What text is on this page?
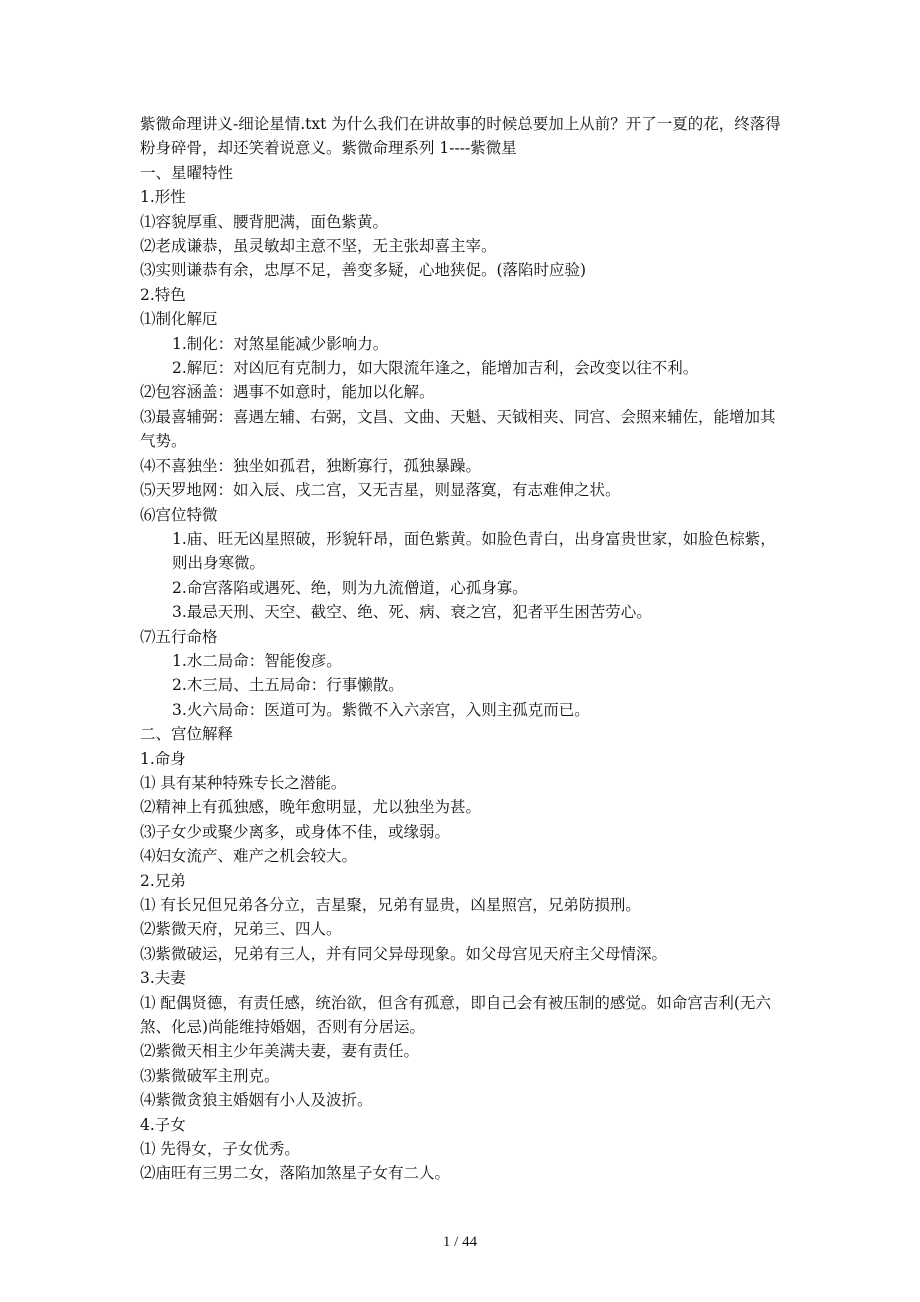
紫微命理讲义-细论星情.txt 为什么我们在讲故事的时候总要加上从前？开了一夏的花，终落得粉身碎骨，却还笑着说意义。紫微命理系列 1----紫微星
一、星曜特性
1.形性
⑴容貌厚重、腰背肥满，面色紫黄。
⑵老成谦恭，虽灵敏却主意不坚，无主张却喜主宰。
⑶实则谦恭有余，忠厚不足，善变多疑，心地狭促。(落陷时应验)
2.特色
⑴制化解厄
1.制化：对煞星能减少影响力。
2.解厄：对凶厄有克制力，如大限流年逢之，能增加吉利，会改变以往不利。
⑵包容涵盖：遇事不如意时，能加以化解。
⑶最喜辅弼：喜遇左辅、右弼，文昌、文曲、天魁、天钺相夹、同宫、会照来辅佐，能增加其气势。
⑷不喜独坐：独坐如孤君，独断寡行，孤独暴躁。
⑸天罗地网：如入辰、戌二宫，又无吉星，则显落寞，有志难伸之状。
⑹宫位特微
1.庙、旺无凶星照破，形貌轩昂，面色紫黄。如脸色青白，出身富贵世家，如脸色棕紫，则出身寒微。
2.命宫落陷或遇死、绝，则为九流僧道，心孤身寡。
3.最忌天刑、天空、截空、绝、死、病、衰之宫，犯者平生困苦劳心。
⑺五行命格
1.水二局命：智能俊彦。
2.木三局、土五局命：行事懒散。
3.火六局命：医道可为。紫微不入六亲宫，入则主孤克而已。
二、宫位解释
1.命身
⑴ 具有某种特殊专长之潜能。
⑵精神上有孤独感，晚年愈明显，尤以独坐为甚。
⑶子女少或聚少离多，或身体不佳，或缘弱。
⑷妇女流产、难产之机会较大。
2.兄弟
⑴ 有长兄但兄弟各分立，吉星聚，兄弟有显贵，凶星照宫，兄弟防损刑。
⑵紫微天府，兄弟三、四人。
⑶紫微破运，兄弟有三人，并有同父异母现象。如父母宫见天府主父母情深。
3.夫妻
⑴ 配偶贤德，有责任感，统治欲，但含有孤意，即自己会有被压制的感觉。如命宫吉利(无六煞、化忌)尚能维持婚姻，否则有分居运。
⑵紫微天相主少年美满夫妻，妻有责任。
⑶紫微破军主刑克。
⑷紫微贪狼主婚姻有小人及波折。
4.子女
⑴ 先得女，子女优秀。
⑵庙旺有三男二女，落陷加煞星子女有二人。
1 / 44
